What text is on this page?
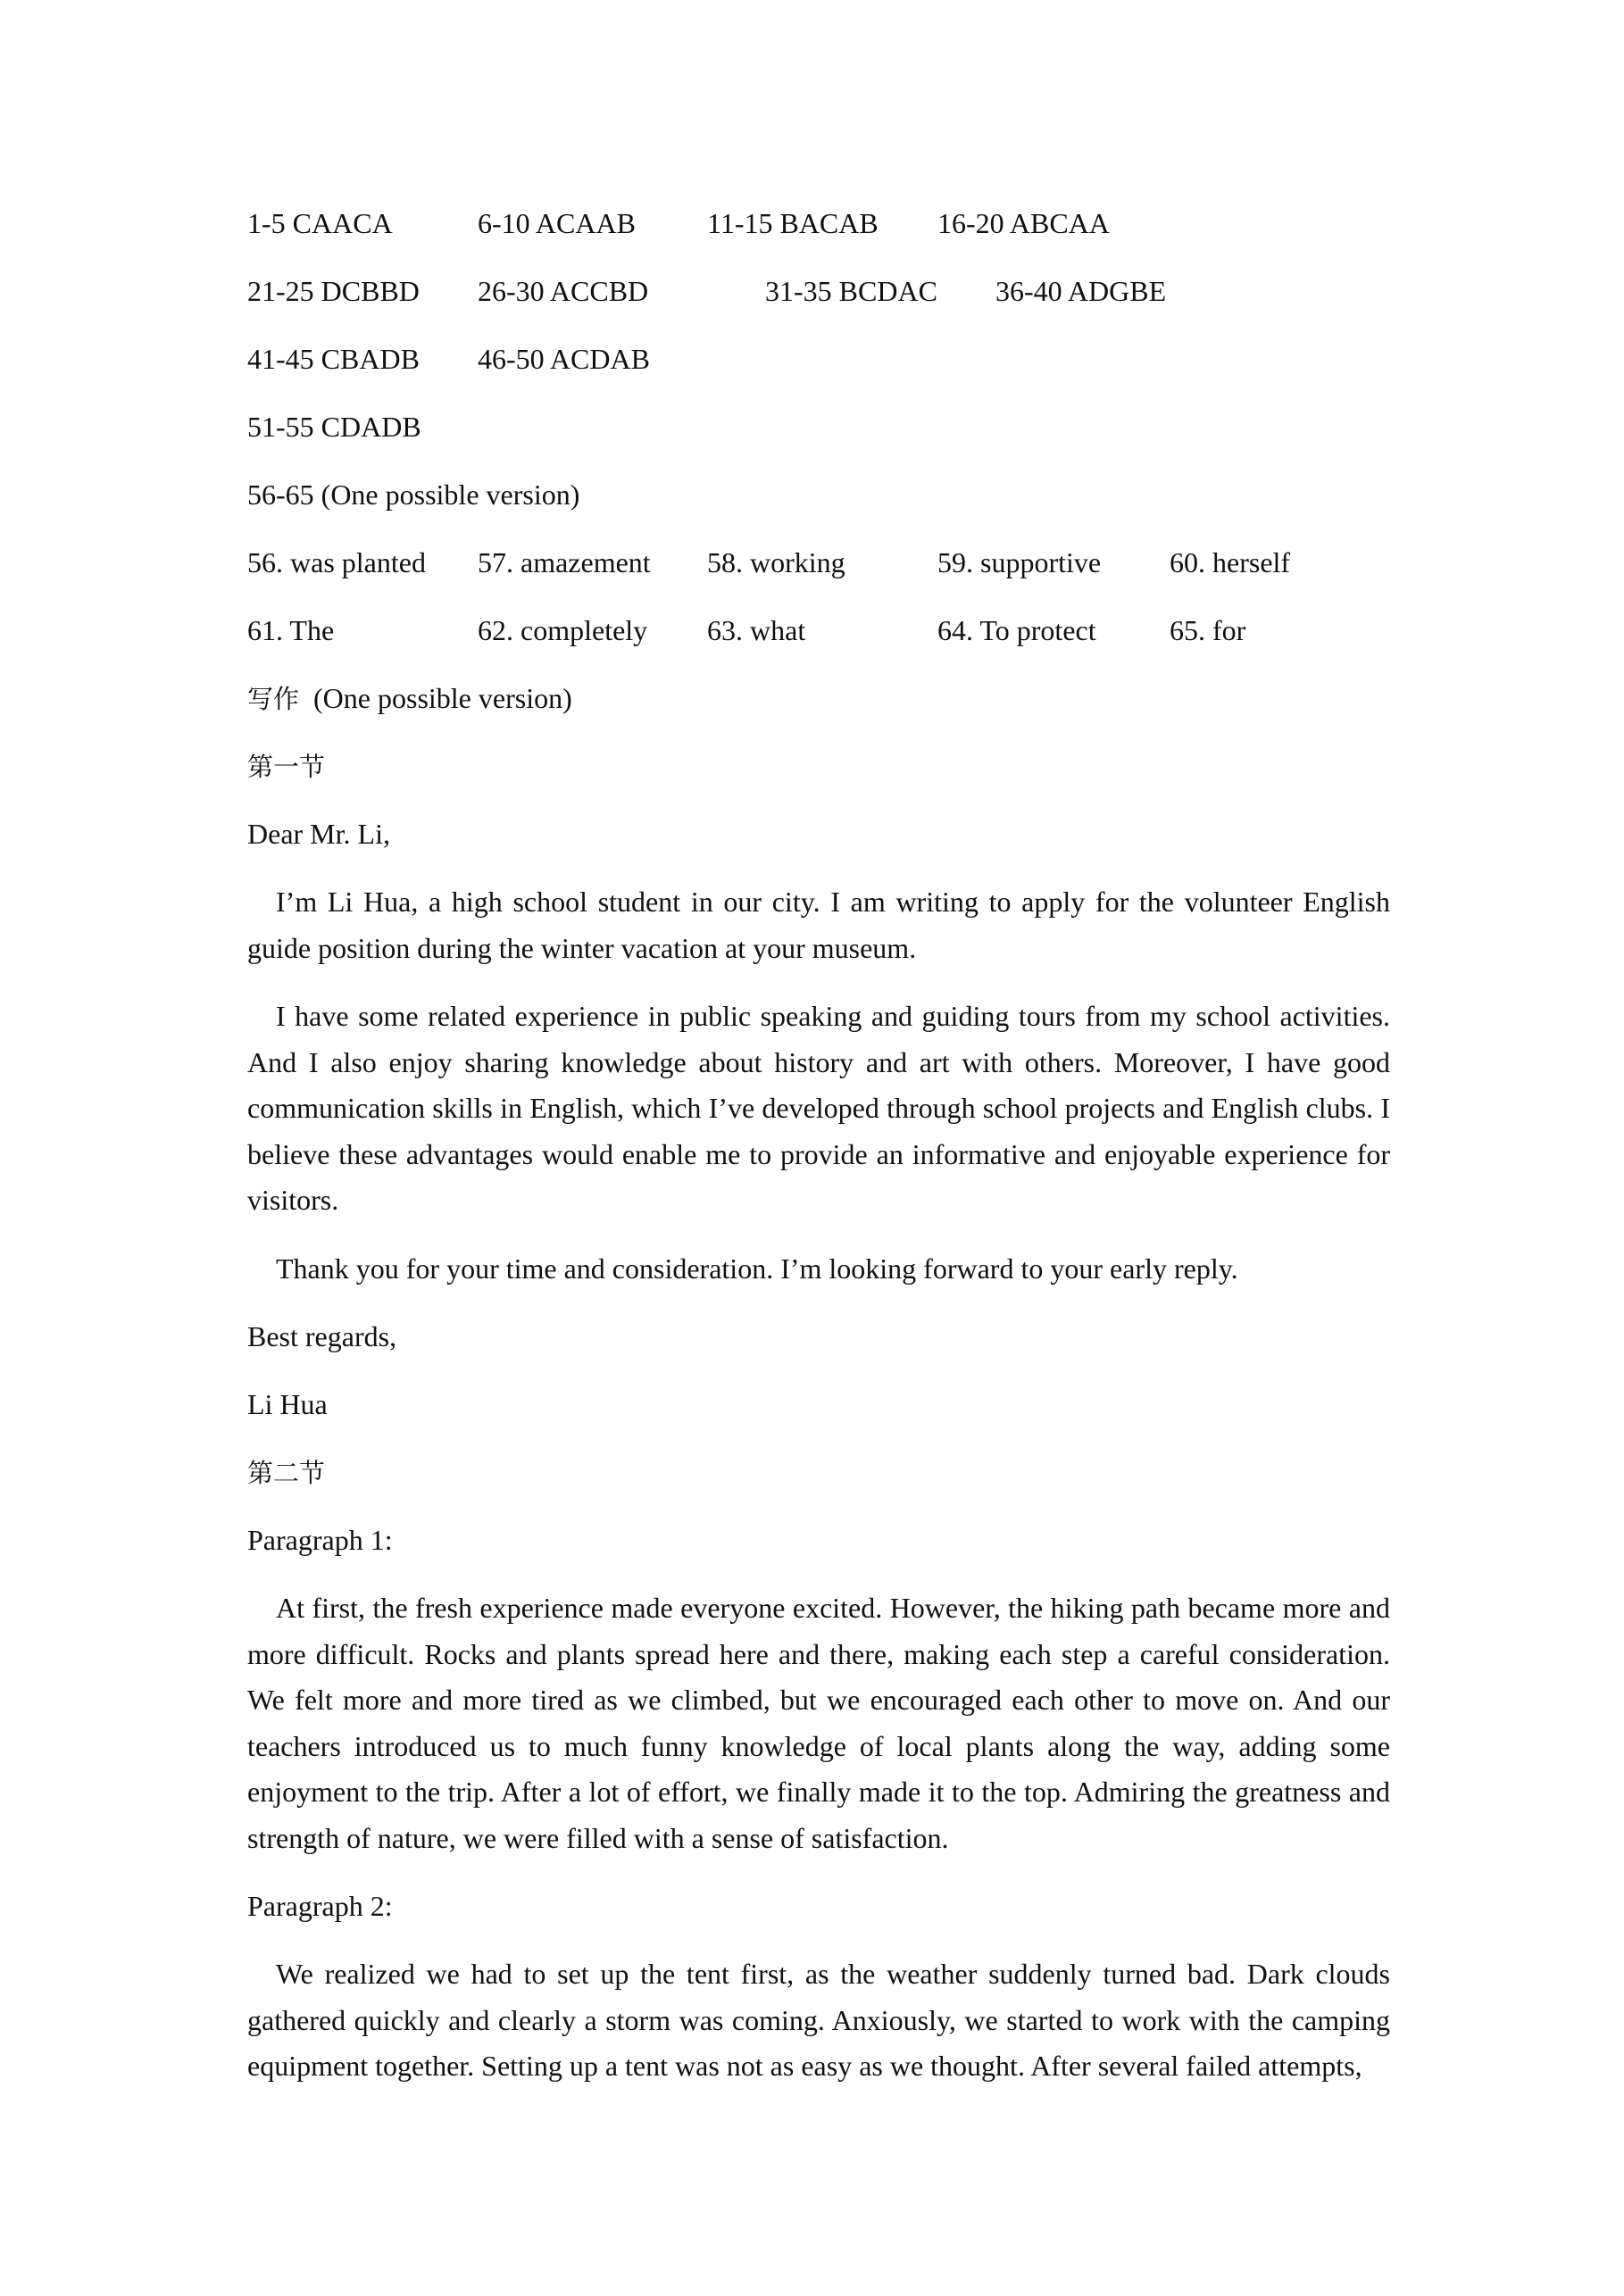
1-5 CAACA	6-10 ACAAB	11-15 BACAB 16-20 ABCAA
21-25 DCBBD 26-30 ACCBD	31-35 BCDAC 36-40 ADGBE
41-45 CBADB 46-50 ACDAB
51-55 CDADB
56-65 (One possible version)
56. was planted 57. amazement 58. working	59. supportive 60. herself
61. The	62. completely 63. what	64. To protect	65. for
写作 (One possible version)
第一节
Dear Mr. Li,

I’m Li Hua, a high school student in our city. I am writing to apply for the volunteer English guide position during the winter vacation at your museum.

I have some related experience in public speaking and guiding tours from my school activities. And I also enjoy sharing knowledge about history and art with others. Moreover, I have good communication skills in English, which I’ve developed through school projects and English clubs. I believe these advantages would enable me to provide an informative and enjoyable experience for visitors.

Thank you for your time and consideration. I’m looking forward to your early reply.

Best regards,
Li Hua
第二节
Paragraph 1:

At first, the fresh experience made everyone excited. However, the hiking path became more and more difficult. Rocks and plants spread here and there, making each step a careful consideration. We felt more and more tired as we climbed, but we encouraged each other to move on. And our teachers introduced us to much funny knowledge of local plants along the way, adding some enjoyment to the trip. After a lot of effort, we finally made it to the top. Admiring the greatness and strength of nature, we were filled with a sense of satisfaction.

Paragraph 2:

We realized we had to set up the tent first, as the weather suddenly turned bad. Dark clouds gathered quickly and clearly a storm was coming. Anxiously, we started to work with the camping equipment together. Setting up a tent was not as easy as we thought. After several failed attempts,
